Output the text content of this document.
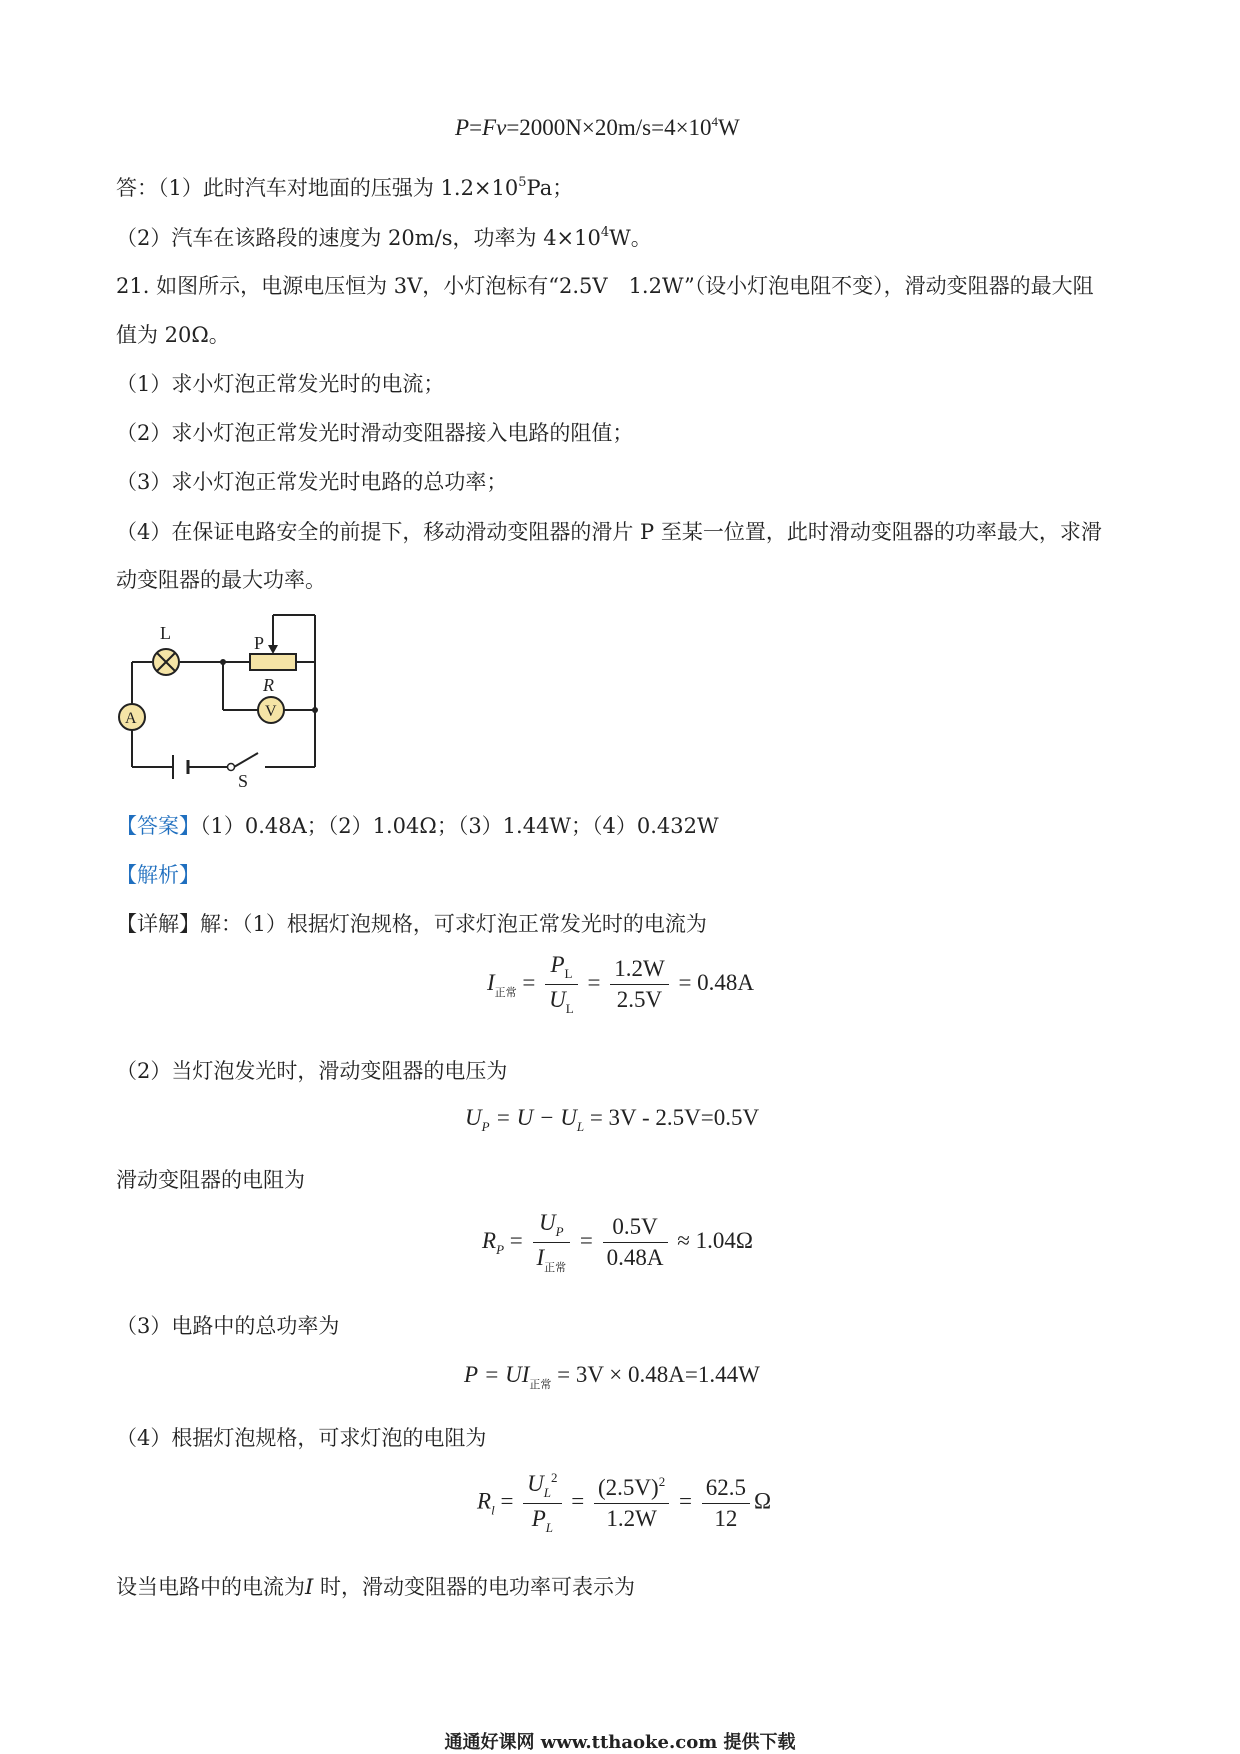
$P=Fv=2000N\times 20m/s=4\times 10^4W$
答：（1）此时汽车对地面的压强为 $1.2\times 10^5Pa$；
（2）汽车在该路段的速度为 20m/s，功率为 $4\times 10^4W$。
21. 如图所示，电源电压恒为 3V，小灯泡标有“2.5V　1.2W”（设小灯泡电阻不变），滑动变阻器的最大阻
值为 20Ω。
（1）求小灯泡正常发光时的电流；
（2）求小灯泡正常发光时滑动变阻器接入电路的阻值；
（3）求小灯泡正常发光时电路的总功率；
（4）在保证电路安全的前提下，移动滑动变阻器的滑片 P 至某一位置，此时滑动变阻器的功率最大，求滑
动变阻器的最大功率。
L	P
R
A	V
S
【答案】（1）0.48A；（2）1.04Ω；（3）1.44W；（4）0.432W
【解析】
【详解】解：（1）根据灯泡规格，可求灯泡正常发光时的电流为
$I_{正常} = \frac{P_L}{U_L} = \frac{1.2W}{2.5V} = 0.48A$
（2）当灯泡发光时，滑动变阻器的电压为
$U_P = U - U_L = 3V - 2.5V=0.5V$
滑动变阻器的电阻为
$R_P = \frac{U_P}{I_{正常}} = \frac{0.5V}{0.48A} \approx 1.04\Omega$
（3）电路中的总功率为
$P = UI_{正常} = 3V \times 0.48A=1.44W$
（4）根据灯泡规格，可求灯泡的电阻为
$R_l = \frac{U_L^2}{P_L} = \frac{(2.5V)^2}{1.2W} = \frac{62.5}{12}$ Ω
设当电路中的电流为I 时，滑动变阻器的电功率可表示为
通通好课网 www.tthaoke.com 提供下载
